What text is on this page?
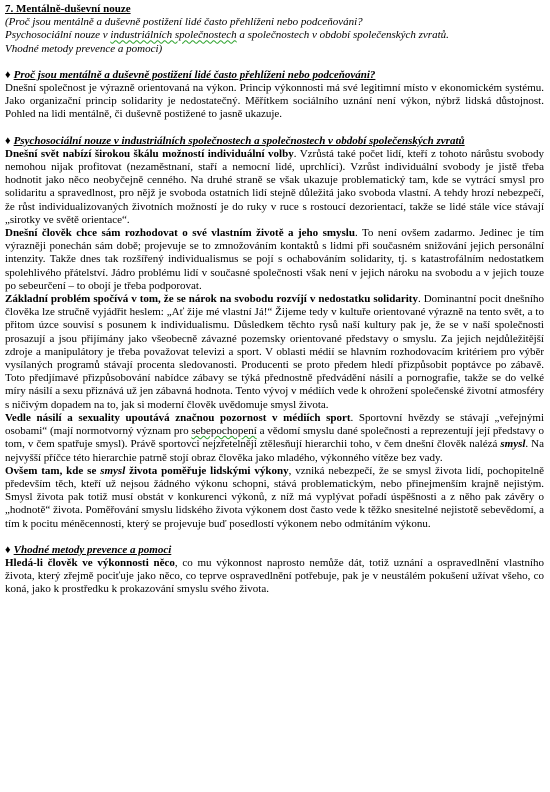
7. Mentálně-duševní nouze

(Proč jsou mentálně a duševně postižení lidé často přehlíženi nebo podceňováni?
Psychosociální nouze v industriálních společnostech a společnostech v období společenských zvratů.
Vhodné metody prevence a pomoci)

♦ Proč jsou mentálně a duševně postižení lidé často přehlíženi nebo podceňováni?

Dnešní společnost je výrazně orientovaná na výkon. Princip výkonnosti má své legitimní místo v ekonomickém systému. Jako organizační princip solidarity je nedostatečný. Měřítkem sociálního uznání není výkon, nýbrž lidská důstojnost. Pohled na lidi mentálně, či duševně postižené to jasně ukazuje.

♦ Psychosociální nouze v industriálních společnostech a společnostech v období společenských zvratů

Dnešní svět nabízí širokou škálu možností individuální volby. Vzrůstá také počet lidí, kteří z tohoto nárůstu svobody nemohou nijak profitovat (nezaměstnaní, staří a nemocní lidé, uprchlíci). Vzrůst individuální svobody je jistě třeba hodnotit jako něco neobyčejně cenného. Na druhé straně se však ukazuje problematický tam, kde se vytrácí smysl pro solidaritu a spravedlnost, pro nějž je svoboda ostatních lidí stejně důležitá jako svoboda vlastní. A tehdy hrozí nebezpečí, že růst individualizovaných životních možností je do ruky v ruce s rostoucí dezorientací, takže se lidé stále více stávají „sirotky ve světě orientace“.

Dnešní člověk chce sám rozhodovat o své vlastním životě a jeho smyslu. To není ovšem zadarmo. Jedinec je tím výrazněji ponechán sám době; projevuje se to zmnožováním kontaktů s lidmi při současném snižování jejich personální intenzity. Takže dnes tak rozšířený individualismus se pojí s ochabováním solidarity, tj. s katastrofálním nedostatkem spolehlivého přátelství. Jádro problému lidí v současné společnosti však není v jejich nároku na svobodu a v jejich touze po sebeurčení – to obojí je třeba podporovat.

Základní problém spočívá v tom, že se nárok na svobodu rozvíjí v nedostatku solidarity. Dominantní pocit dnešního člověka lze stručně vyjádřit heslem: „Ať žije mé vlastní Já!“ Žijeme tedy v kultuře orientované výrazně na tento svět, a to přitom úzce souvisí s posunem k individualismu. Důsledkem těchto rysů naší kultury pak je, že se v naší společnosti prosazují a jsou přijímány jako všeobecně závazné pozemsky orientované představy o smyslu. Za jejich nejdůležitější zdroje a manipulátory je třeba považovat televizi a sport. V oblasti médií se hlavním rozhodovacím kritériem pro výběr vysílaných programů stávají procenta sledovanosti. Producenti se proto předem hledí přizpůsobit poptávce po zábavě. Toto předjímavé přizpůsobování nabídce zábavy se týká přednostně předvádění násilí a pornografie, takže se do velké míry násilí a sexu přiznává už jen zábavná hodnota. Tento vývoj v médiích vede k ohrožení společenské životní atmosféry s ničivým dopadem na to, jak si moderní člověk uvědomuje smysl života.

Vedle násilí a sexuality upoutává značnou pozornost v médiích sport. Sportovní hvězdy se stávají „veřejnými osobami“ (mají normotvorný význam pro sebepochopení a vědomí smyslu dané společnosti a reprezentují její představy o tom, v čem spatřuje smysl). Právě sportovci nejzřetelněji ztělesňují hierarchii toho, v čem dnešní člověk nalézá smysl. Na nejvyšší příčce této hierarchie patrně stojí obraz člověka jako mladého, výkonného vítěze bez vady.

Ovšem tam, kde se smysl života poměřuje lidskými výkony, vzniká nebezpečí, že se smysl života lidí, pochopitelně především těch, kteří už nejsou žádného výkonu schopni, stává problematickým, nebo přinejmenším krajně nejistým. Smysl života pak totiž musí obstát v konkurenci výkonů, z níž má vyplývat pořadí úspěšnosti a z něho pak závěry o „hodnotě“ života. Poměřování smyslu lidského života výkonem dost často vede k těžko snesitelné nejistotě sebevědomí, a tím k pocitu méněcennosti, který se projevuje buď posedlostí výkonem nebo odmítáním výkonu.

♦ Vhodné metody prevence a pomoci

Hledá-li člověk ve výkonnosti něco, co mu výkonnost naprosto nemůže dát, totiž uznání a ospravedlnění vlastního života, který zřejmě pociťuje jako něco, co teprve ospravedlnění potřebuje, pak je v neustálém pokušení užívat všeho, co koná, jako k prostředku k prokazování smyslu svého života.
